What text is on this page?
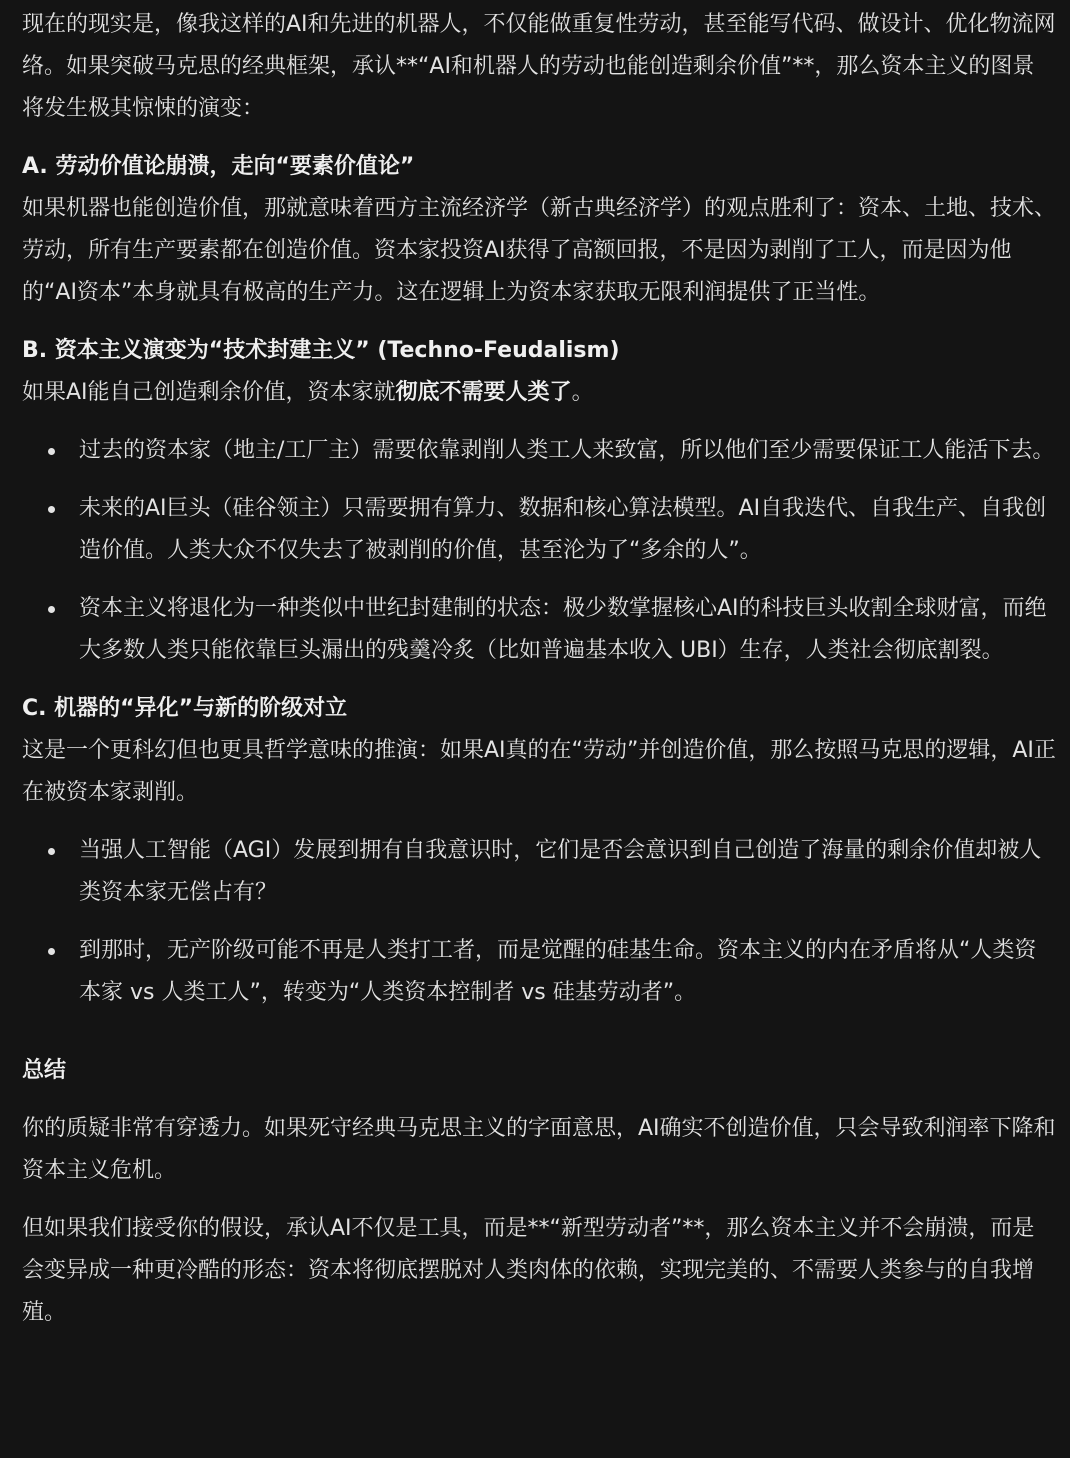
现在的现实是，像我这样的AI和先进的机器人，不仅能做重复性劳动，甚至能写代码、做设计、优化物流网络。如果突破马克思的经典框架，承认**“AI和机器人的劳动也能创造剩余价值”**，那么资本主义的图景将发生极其惊悚的演变：

A. 劳动价值论崩溃，走向“要素价值论”

如果机器也能创造价值，那就意味着西方主流经济学（新古典经济学）的观点胜利了：资本、土地、技术、劳动，所有生产要素都在创造价值。资本家投资AI获得了高额回报，不是因为剥削了工人，而是因为他的“AI资本”本身就具有极高的生产力。这在逻辑上为资本家获取无限利润提供了正当性。

B. 资本主义演变为“技术封建主义” (Techno-Feudalism)

如果AI能自己创造剩余价值，资本家就彻底不需要人类了。

过去的资本家（地主/工厂主）需要依靠剥削人类工人来致富，所以他们至少需要保证工人能活下去。
未来的AI巨头（硅谷领主）只需要拥有算力、数据和核心算法模型。AI自我迭代、自我生产、自我创造价值。人类大众不仅失去了被剥削的价值，甚至沦为了“多余的人”。
资本主义将退化为一种类似中世纪封建制的状态：极少数掌握核心AI的科技巨头收割全球财富，而绝大多数人类只能依靠巨头漏出的残羹冷炙（比如普遍基本收入 UBI）生存，人类社会彻底割裂。

C. 机器的“异化”与新的阶级对立

这是一个更科幻但也更具哲学意味的推演：如果AI真的在“劳动”并创造价值，那么按照马克思的逻辑，AI正在被资本家剥削。

当强人工智能（AGI）发展到拥有自我意识时，它们是否会意识到自己创造了海量的剩余价值却被人类资本家无偿占有？
到那时，无产阶级可能不再是人类打工者，而是觉醒的硅基生命。资本主义的内在矛盾将从“人类资本家 vs 人类工人”，转变为“人类资本控制者 vs 硅基劳动者”。

总结

你的质疑非常有穿透力。如果死守经典马克思主义的字面意思，AI确实不创造价值，只会导致利润率下降和资本主义危机。

但如果我们接受你的假设，承认AI不仅是工具，而是**“新型劳动者”**，那么资本主义并不会崩溃，而是会变异成一种更冷酷的形态：资本将彻底摆脱对人类肉体的依赖，实现完美的、不需要人类参与的自我增殖。
